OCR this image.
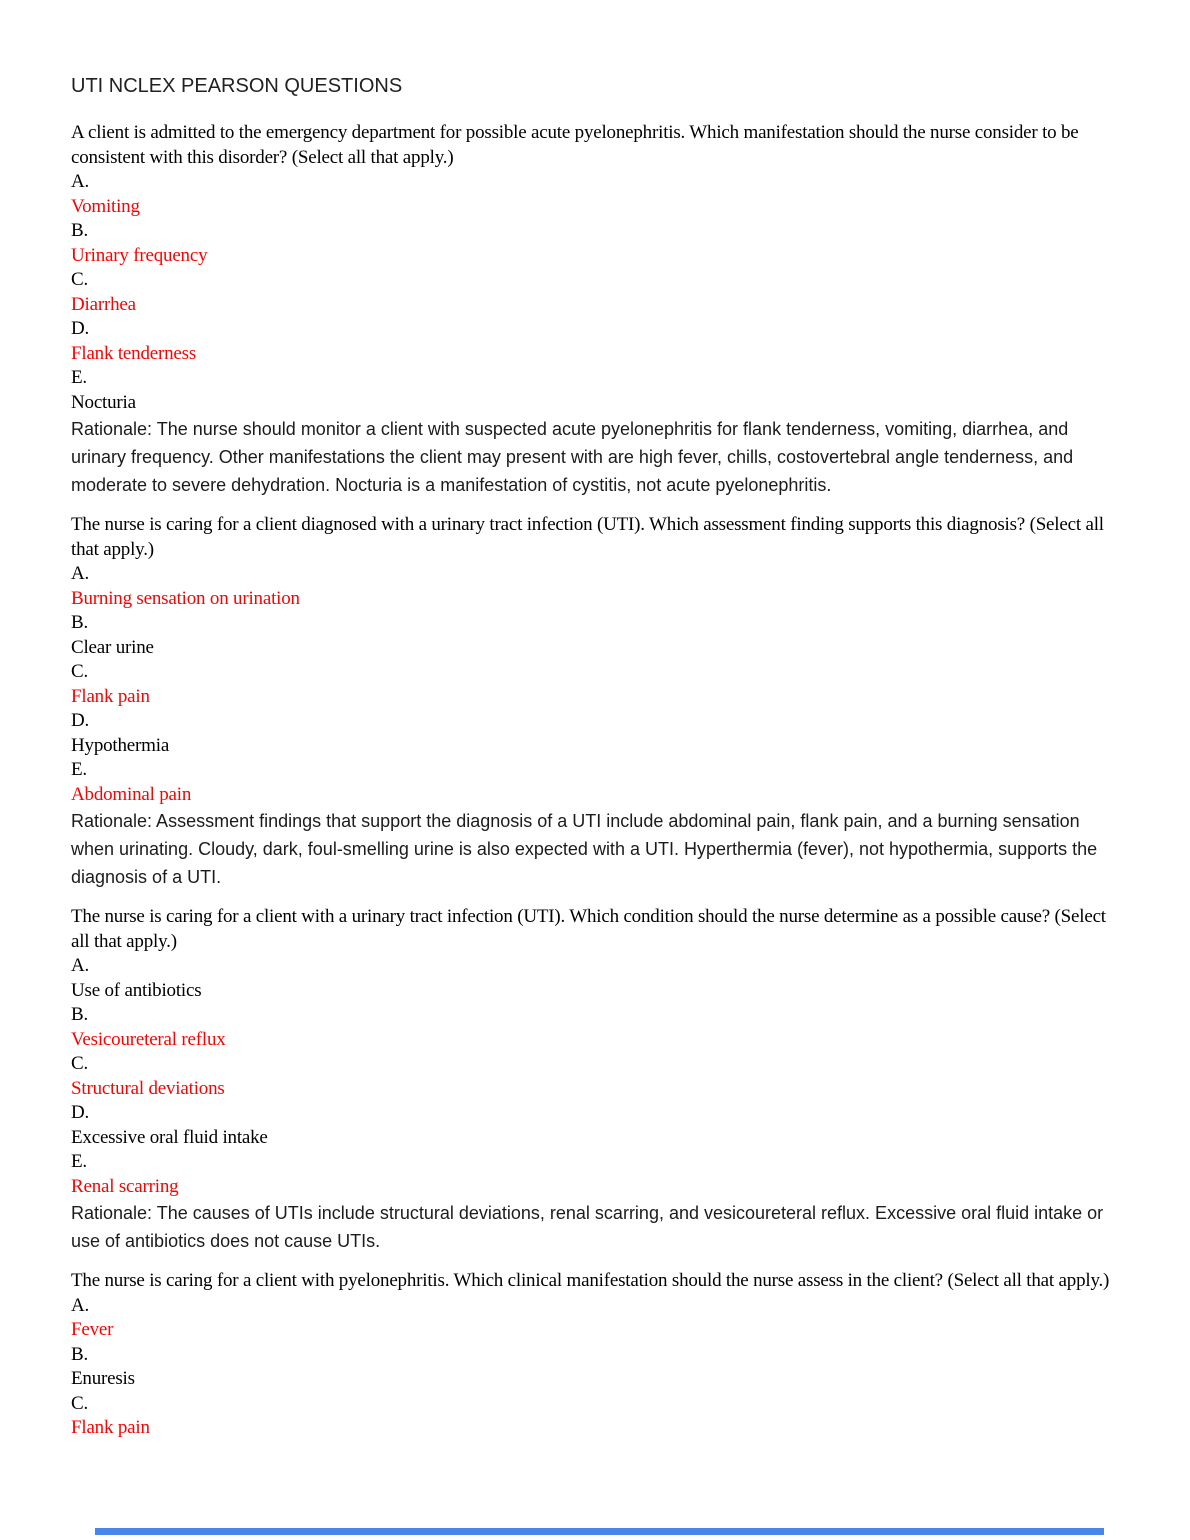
UTI NCLEX PEARSON QUESTIONS

A client is admitted to the emergency department for possible acute pyelonephritis. Which manifestation should the nurse consider to be consistent with this disorder? (Select all that apply.)

A.

Vomiting

B.

Urinary frequency

C.

Diarrhea

D.

Flank tenderness

E.

Nocturia

Rationale: The nurse should monitor a client with suspected acute pyelonephritis for flank tenderness, vomiting, diarrhea, and urinary frequency. Other manifestations the client may present with are high fever, chills, costovertebral angle tenderness, and moderate to severe dehydration. Nocturia is a manifestation of cystitis, not acute pyelonephritis.

The nurse is caring for a client diagnosed with a urinary tract infection (UTI). Which assessment finding supports this diagnosis? (Select all that apply.)

A.

Burning sensation on urination

B.

Clear urine

C.

Flank pain

D.

Hypothermia

E.

Abdominal pain

Rationale: Assessment findings that support the diagnosis of a UTI include abdominal pain, flank pain, and a burning sensation when urinating. Cloudy, dark, foul-smelling urine is also expected with a UTI. Hyperthermia (fever), not hypothermia, supports the diagnosis of a UTI.

The nurse is caring for a client with a urinary tract infection (UTI). Which condition should the nurse determine as a possible cause? (Select all that apply.)

A.

Use of antibiotics

B.

Vesicoureteral reflux

C.

Structural deviations

D.

Excessive oral fluid intake

E.

Renal scarring

Rationale: The causes of UTIs include structural deviations, renal scarring, and vesicoureteral reflux. Excessive oral fluid intake or use of antibiotics does not cause UTIs.

The nurse is caring for a client with pyelonephritis. Which clinical manifestation should the nurse assess in the client? (Select all that apply.)

A.

Fever

B.

Enuresis

C.

Flank pain
